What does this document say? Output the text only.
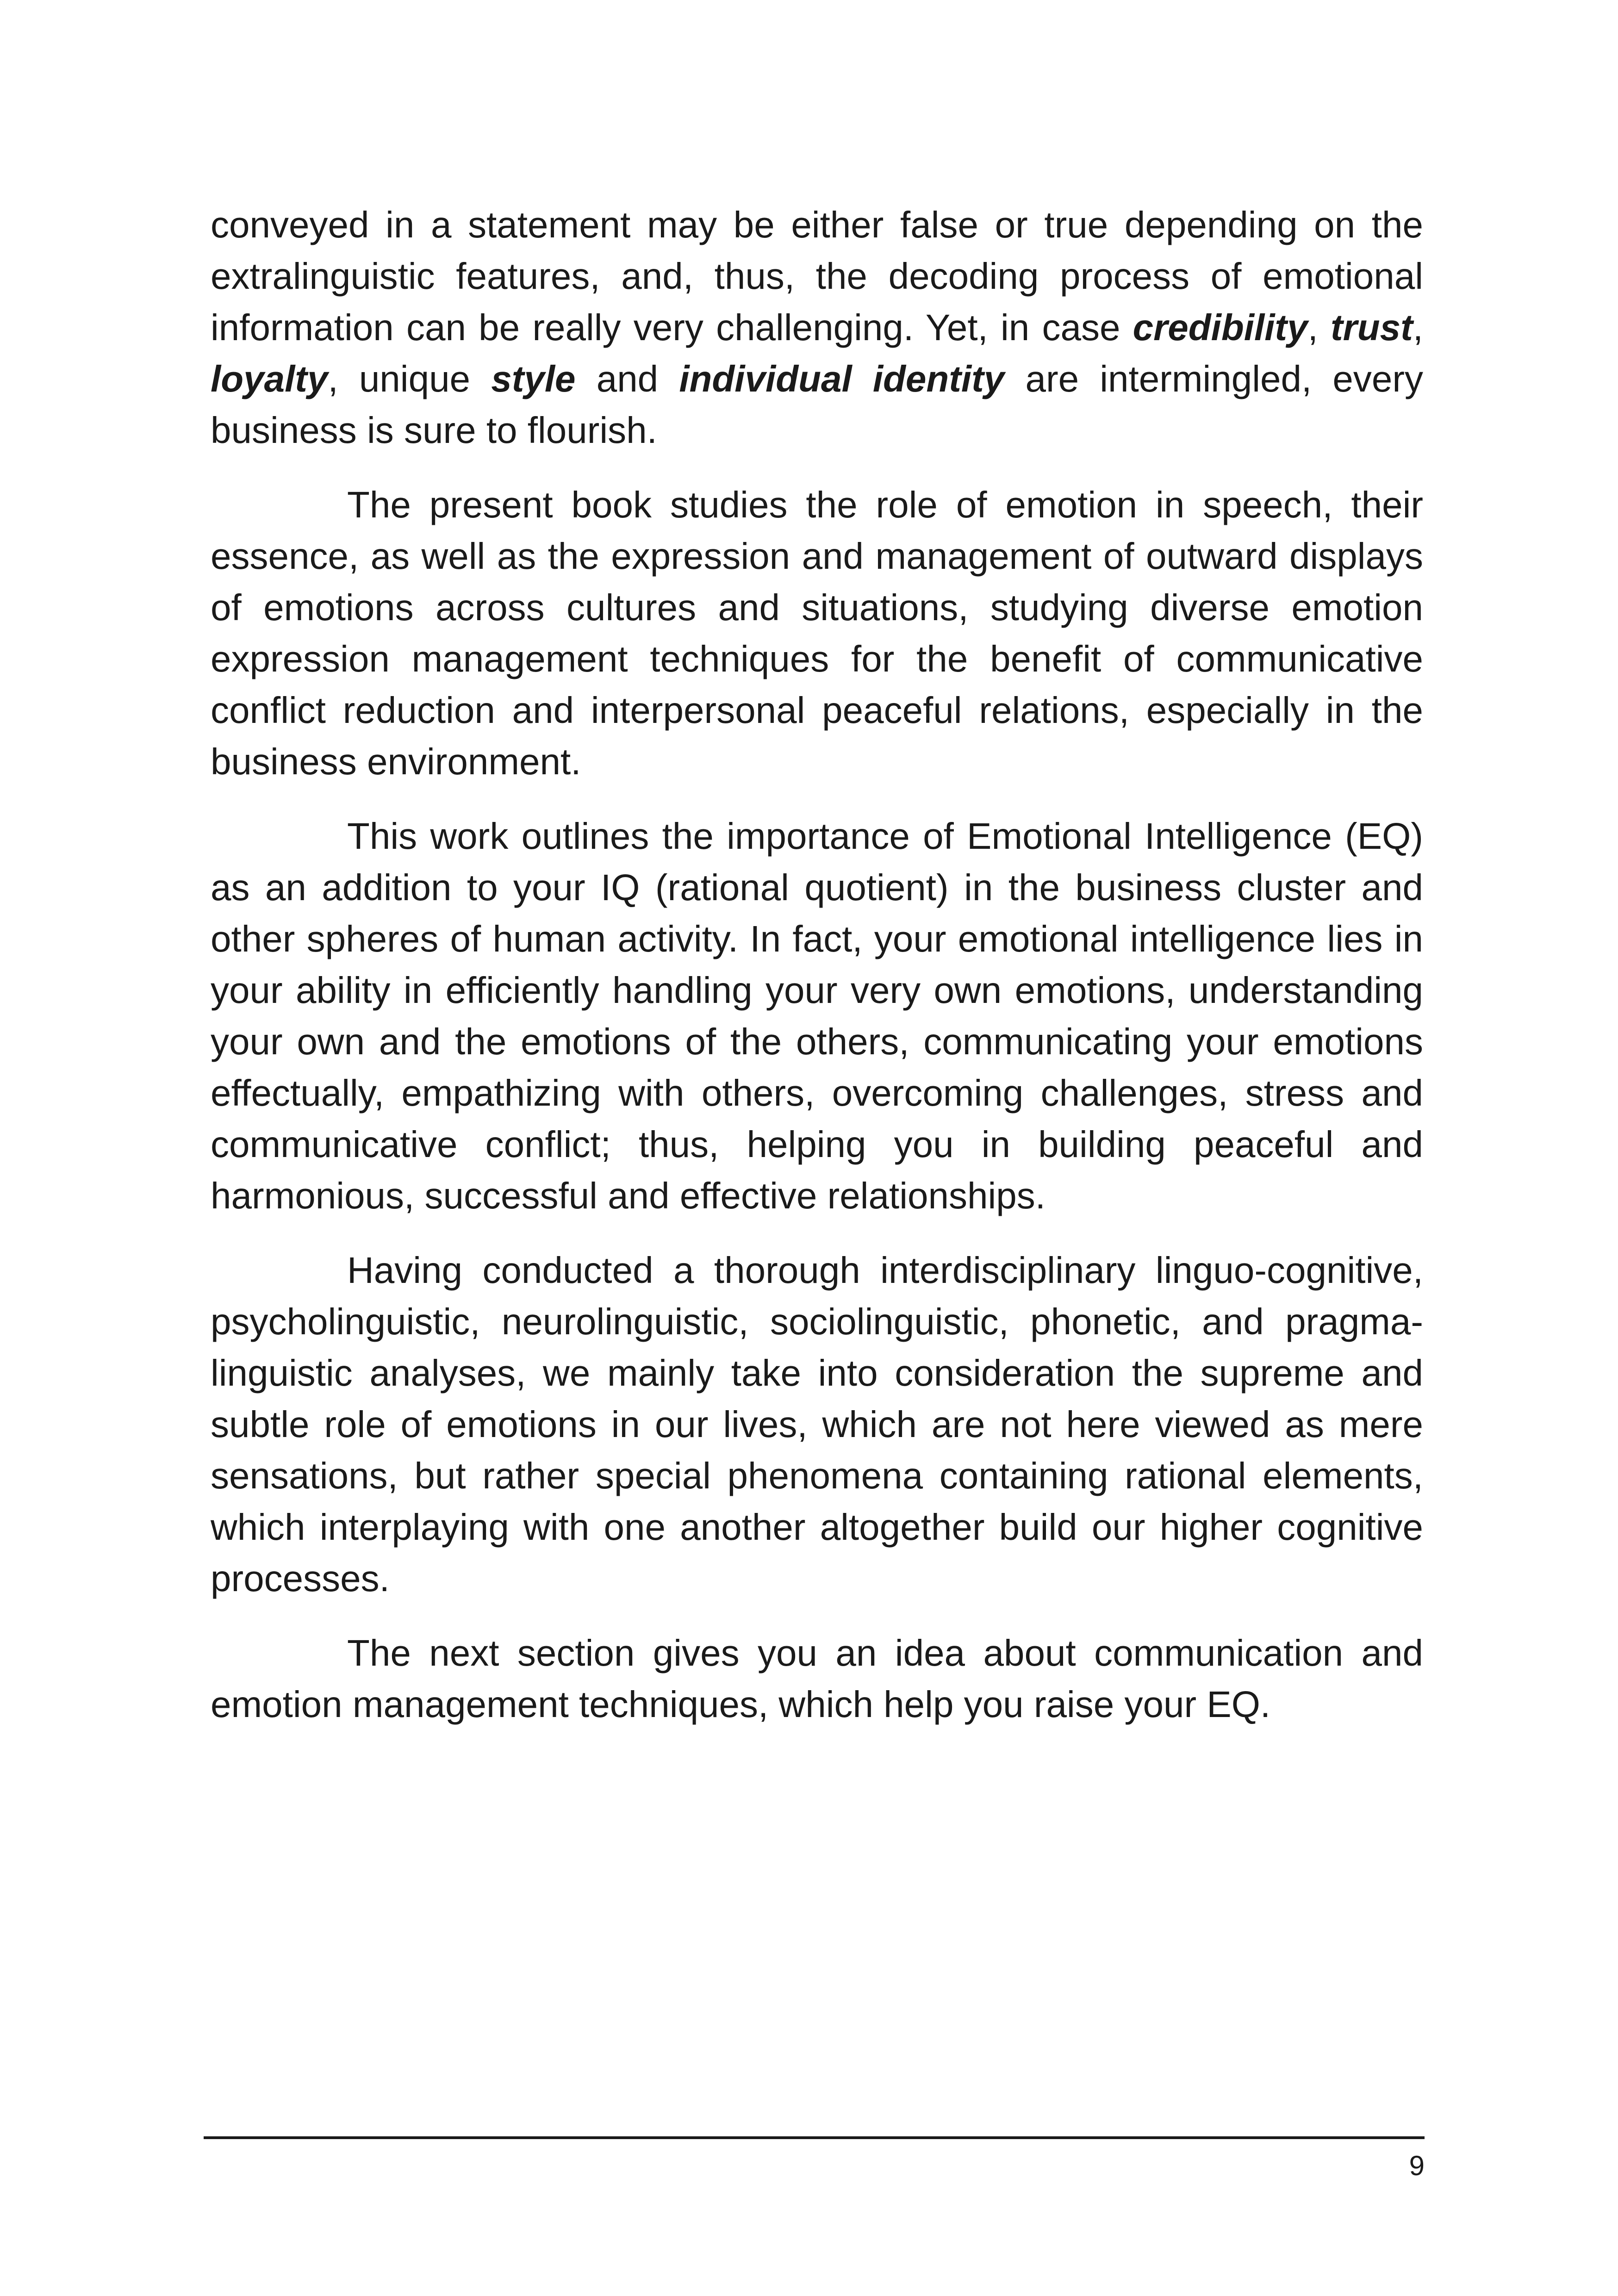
conveyed in a statement may be either false or true depending on the extralinguistic features, and, thus, the decoding process of emotional information can be really very challenging. Yet, in case credibility, trust, loyalty, unique style and individual identity are intermingled, every business is sure to flourish.

The present book studies the role of emotion in speech, their essence, as well as the expression and management of outward displays of emotions across cultures and situations, studying diverse emotion expression management techniques for the benefit of communicative conflict reduction and interpersonal peaceful relations, especially in the business environment.

This work outlines the importance of Emotional Intelligence (EQ) as an addition to your IQ (rational quotient) in the business cluster and other spheres of human activity. In fact, your emotional intelligence lies in your ability in efficiently handling your very own emotions, understanding your own and the emotions of the others, communicating your emotions effectually, empathizing with others, overcoming challenges, stress and communicative conflict; thus, helping you in building peaceful and harmonious, successful and effective relationships.

Having conducted a thorough interdisciplinary linguo-cognitive, psycholinguistic, neurolinguistic, sociolinguistic, phonetic, and pragmalinguistic analyses, we mainly take into consideration the supreme and subtle role of emotions in our lives, which are not here viewed as mere sensations, but rather special phenomena containing rational elements, which interplaying with one another altogether build our higher cognitive processes.

The next section gives you an idea about communication and emotion management techniques, which help you raise your EQ.

9
